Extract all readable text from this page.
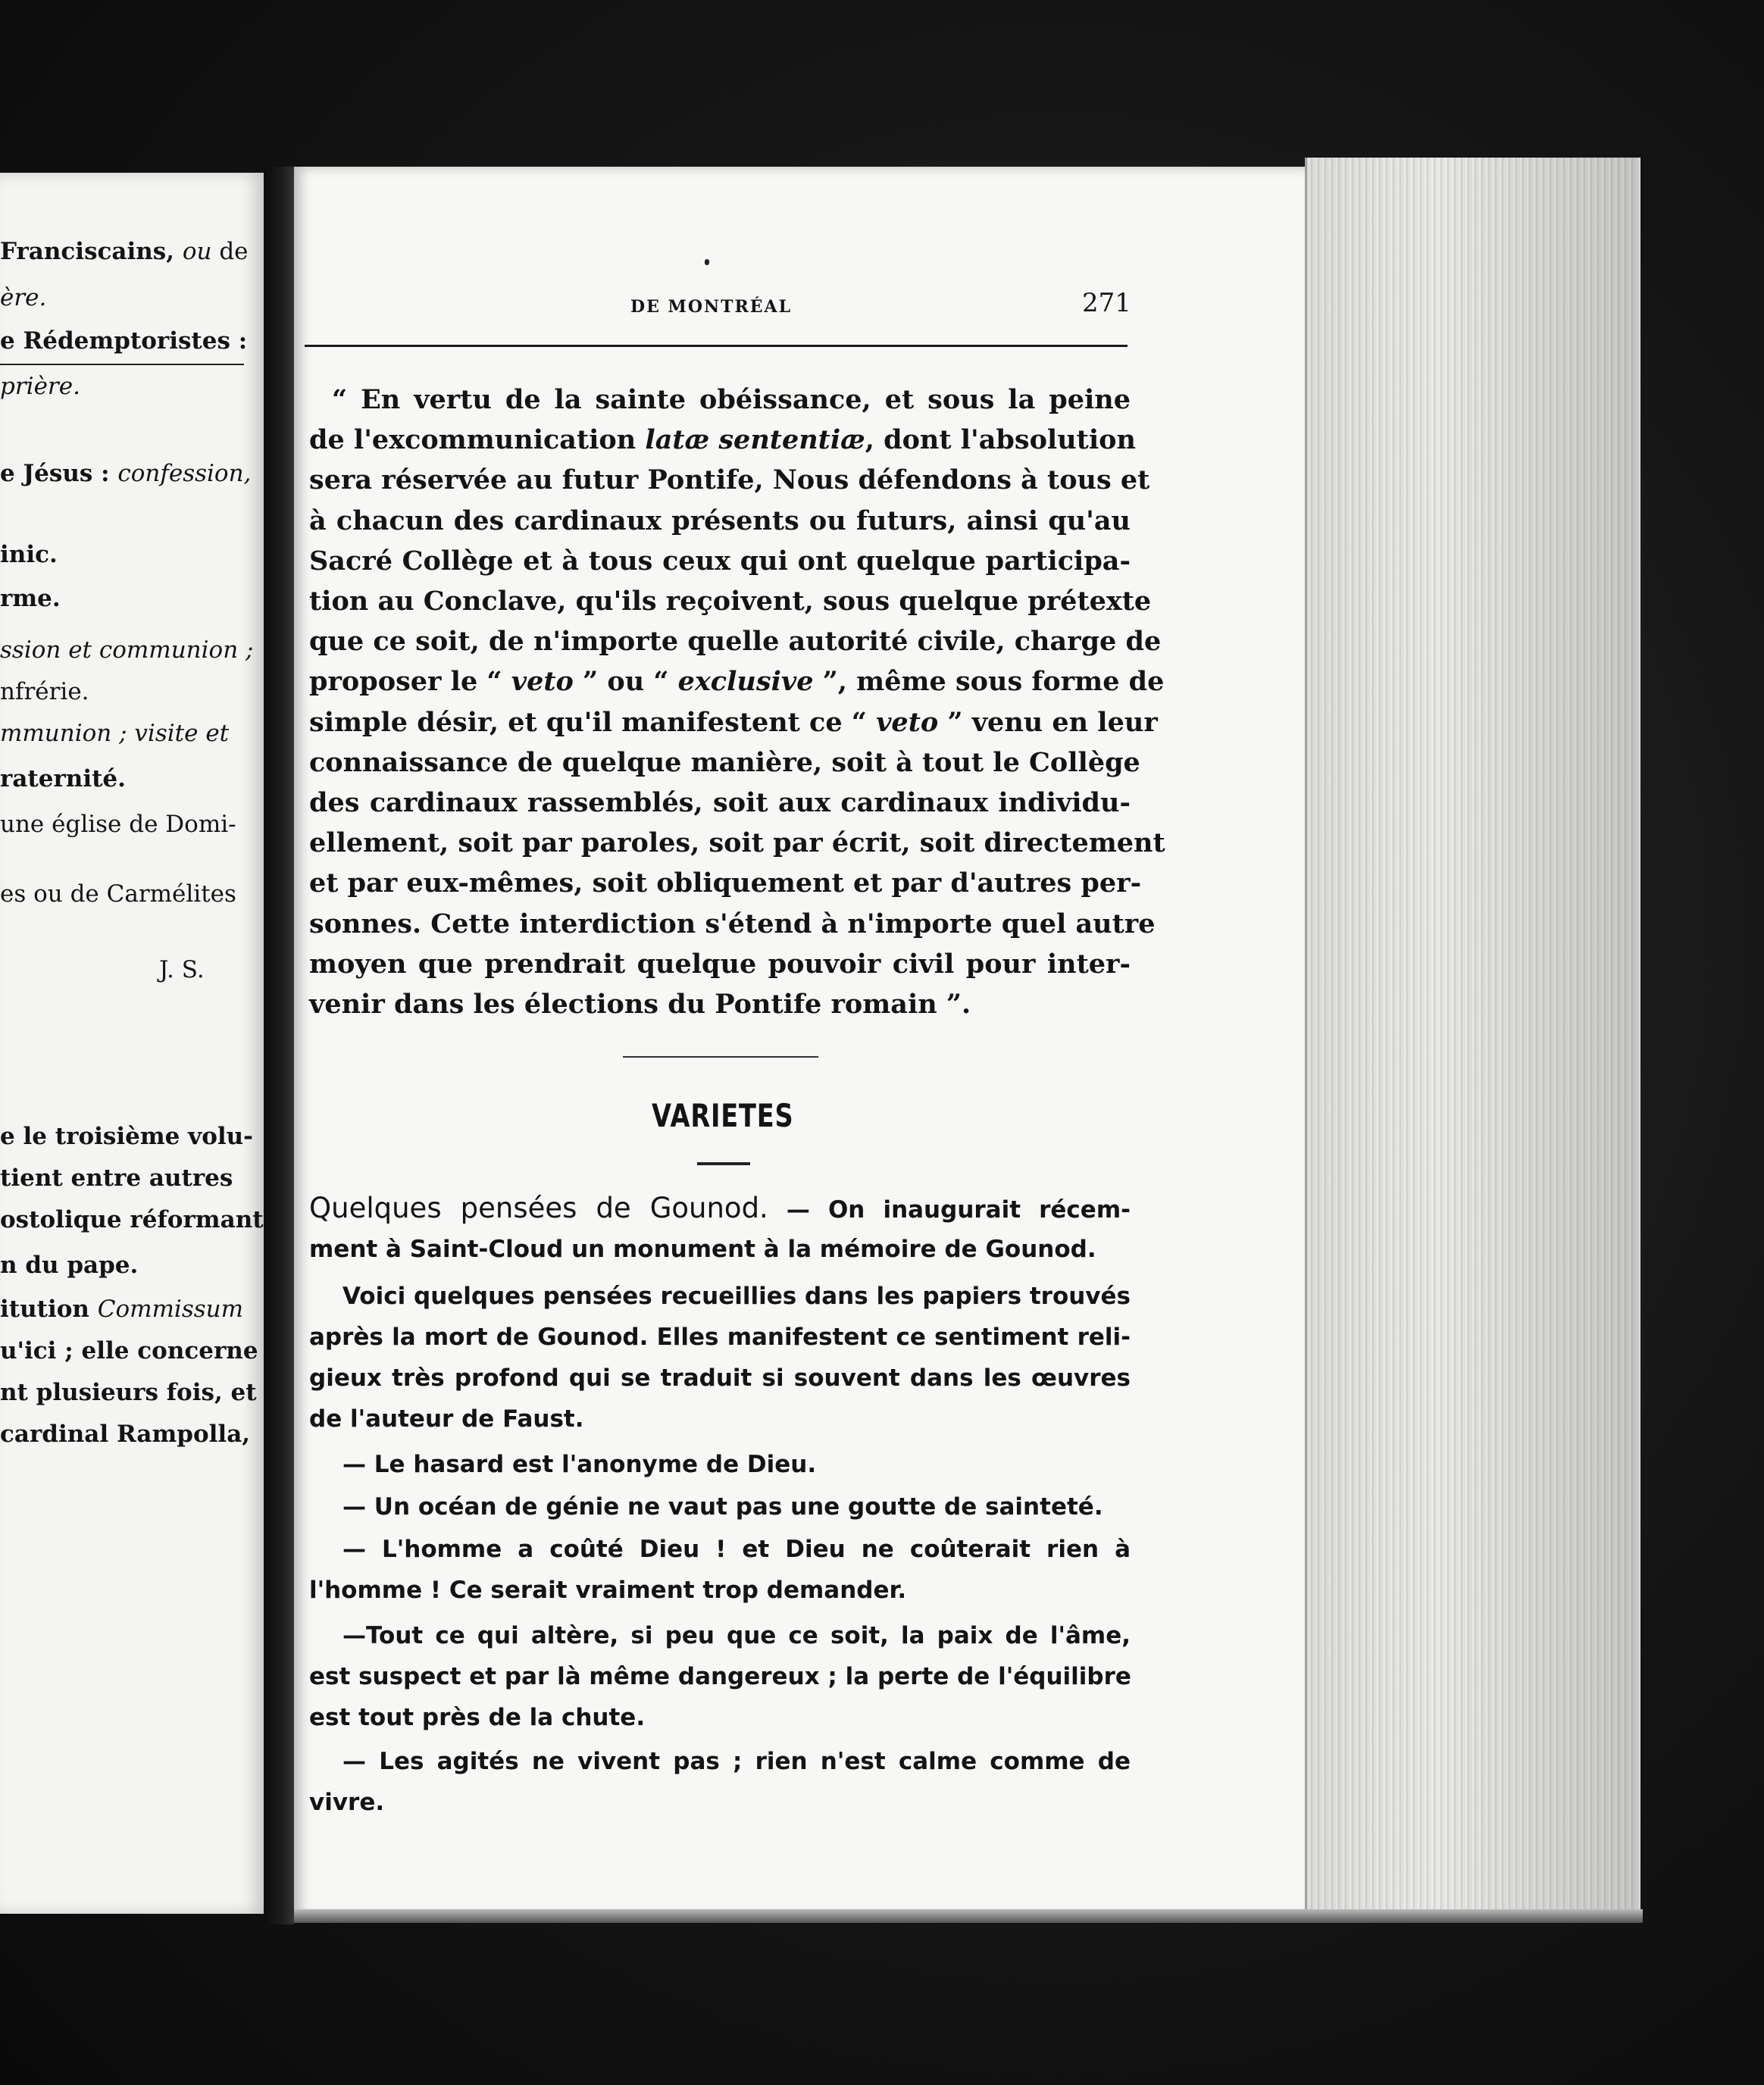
Franciscains, ou de
ère.
e Rédemptoristes :
prière.
e Jésus : confession,
inic.
rme.
ssion et communion ;
nfrérie.
mmunion ; visite et
raternité.
une église de Domi-
es ou de Carmélites
J. S.
e le troisième volu-
tient entre autres
ostolique réformant
n du pape.
itution Commissum
u'ici ; elle concerne
nt plusieurs fois, et
cardinal Rampolla,
DE MONTRÉAL	271
“ En vertu de la sainte obéissance, et sous la peine
de l'excommunication latæ sententiæ, dont l'absolution
sera réservée au futur Pontife, Nous défendons à tous et
à chacun des cardinaux présents ou futurs, ainsi qu'au
Sacré Collège et à tous ceux qui ont quelque participa-
tion au Conclave, qu'ils reçoivent, sous quelque prétexte
que ce soit, de n'importe quelle autorité civile, charge de
proposer le “ veto ” ou “ exclusive ”, même sous forme de
simple désir, et qu'il manifestent ce “ veto ” venu en leur
connaissance de quelque manière, soit à tout le Collège
des cardinaux rassemblés, soit aux cardinaux individu-
ellement, soit par paroles, soit par écrit, soit directement
et par eux-mêmes, soit obliquement et par d'autres per-
sonnes. Cette interdiction s'étend à n'importe quel autre
moyen que prendrait quelque pouvoir civil pour inter-
venir dans les élections du Pontife romain ”.
VARIETES
Quelques pensées de Gounod. — On inaugurait récem-
ment à Saint-Cloud un monument à la mémoire de Gounod.
Voici quelques pensées recueillies dans les papiers trouvés
après la mort de Gounod. Elles manifestent ce sentiment reli-
gieux très profond qui se traduit si souvent dans les œuvres
de l'auteur de Faust.
— Le hasard est l'anonyme de Dieu.
— Un océan de génie ne vaut pas une goutte de sainteté.
— L'homme a coûté Dieu ! et Dieu ne coûterait rien à
l'homme ! Ce serait vraiment trop demander.
—Tout ce qui altère, si peu que ce soit, la paix de l'âme,
est suspect et par là même dangereux ; la perte de l'équilibre
est tout près de la chute.
— Les agités ne vivent pas ; rien n'est calme comme de
vivre.
